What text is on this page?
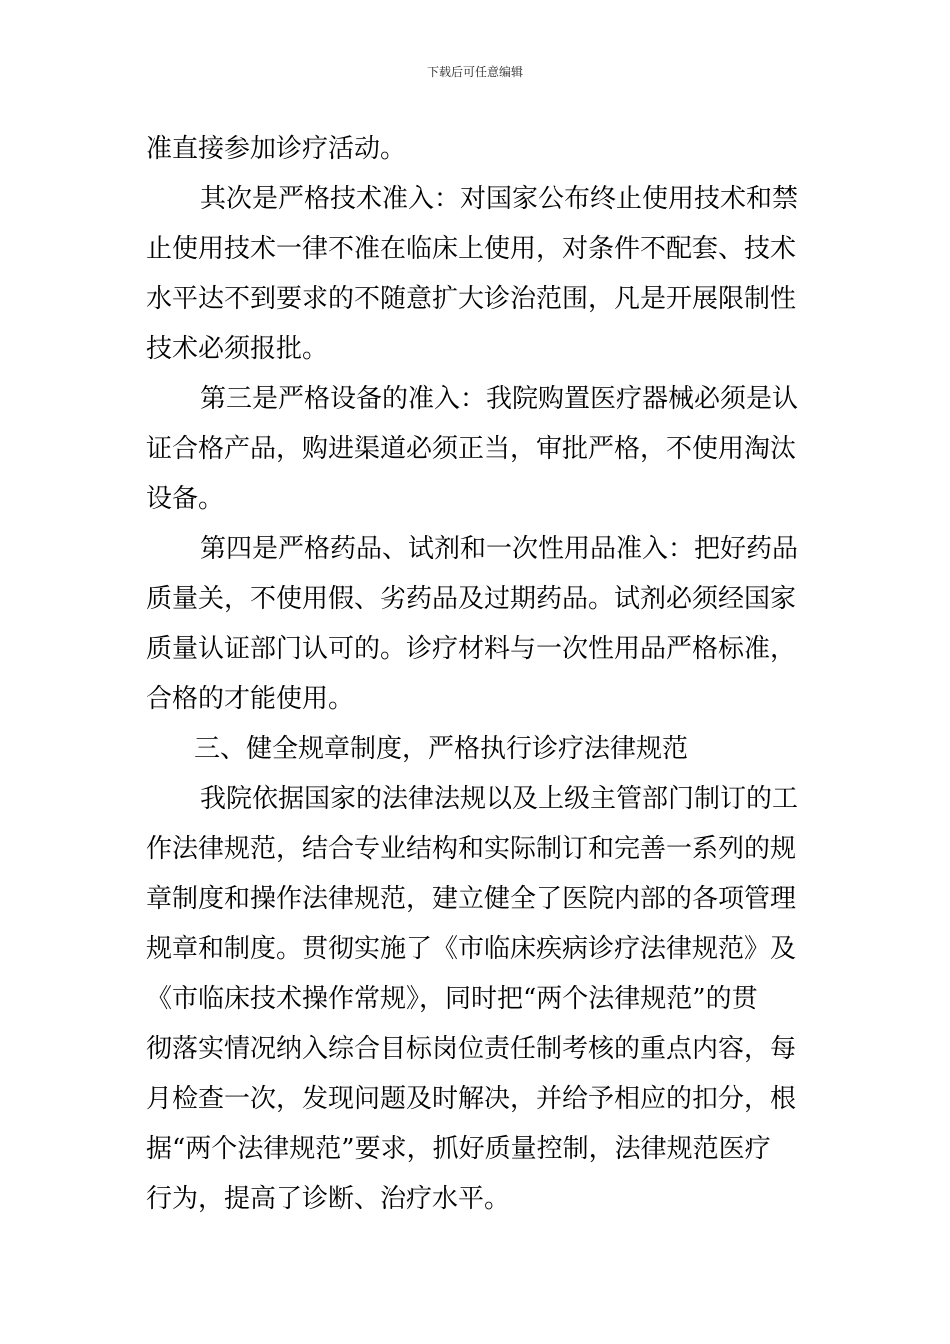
下载后可任意编辑
准直接参加诊疗活动。
其次是严格技术准入：对国家公布终止使用技术和禁
止使用技术一律不准在临床上使用，对条件不配套、技术
水平达不到要求的不随意扩大诊治范围，凡是开展限制性
技术必须报批。
第三是严格设备的准入：我院购置医疗器械必须是认
证合格产品，购进渠道必须正当，审批严格，不使用淘汰
设备。
第四是严格药品、试剂和一次性用品准入：把好药品
质量关，不使用假、劣药品及过期药品。试剂必须经国家
质量认证部门认可的。诊疗材料与一次性用品严格标准，
合格的才能使用。
三、健全规章制度，严格执行诊疗法律规范
我院依据国家的法律法规以及上级主管部门制订的工
作法律规范，结合专业结构和实际制订和完善一系列的规
章制度和操作法律规范，建立健全了医院内部的各项管理
规章和制度。贯彻实施了《市临床疾病诊疗法律规范》及
《市临床技术操作常规》，同时把“两个法律规范”的贯
彻落实情况纳入综合目标岗位责任制考核的重点内容，每
月检查一次，发现问题及时解决，并给予相应的扣分，根
据“两个法律规范”要求，抓好质量控制，法律规范医疗
行为，提高了诊断、治疗水平。
